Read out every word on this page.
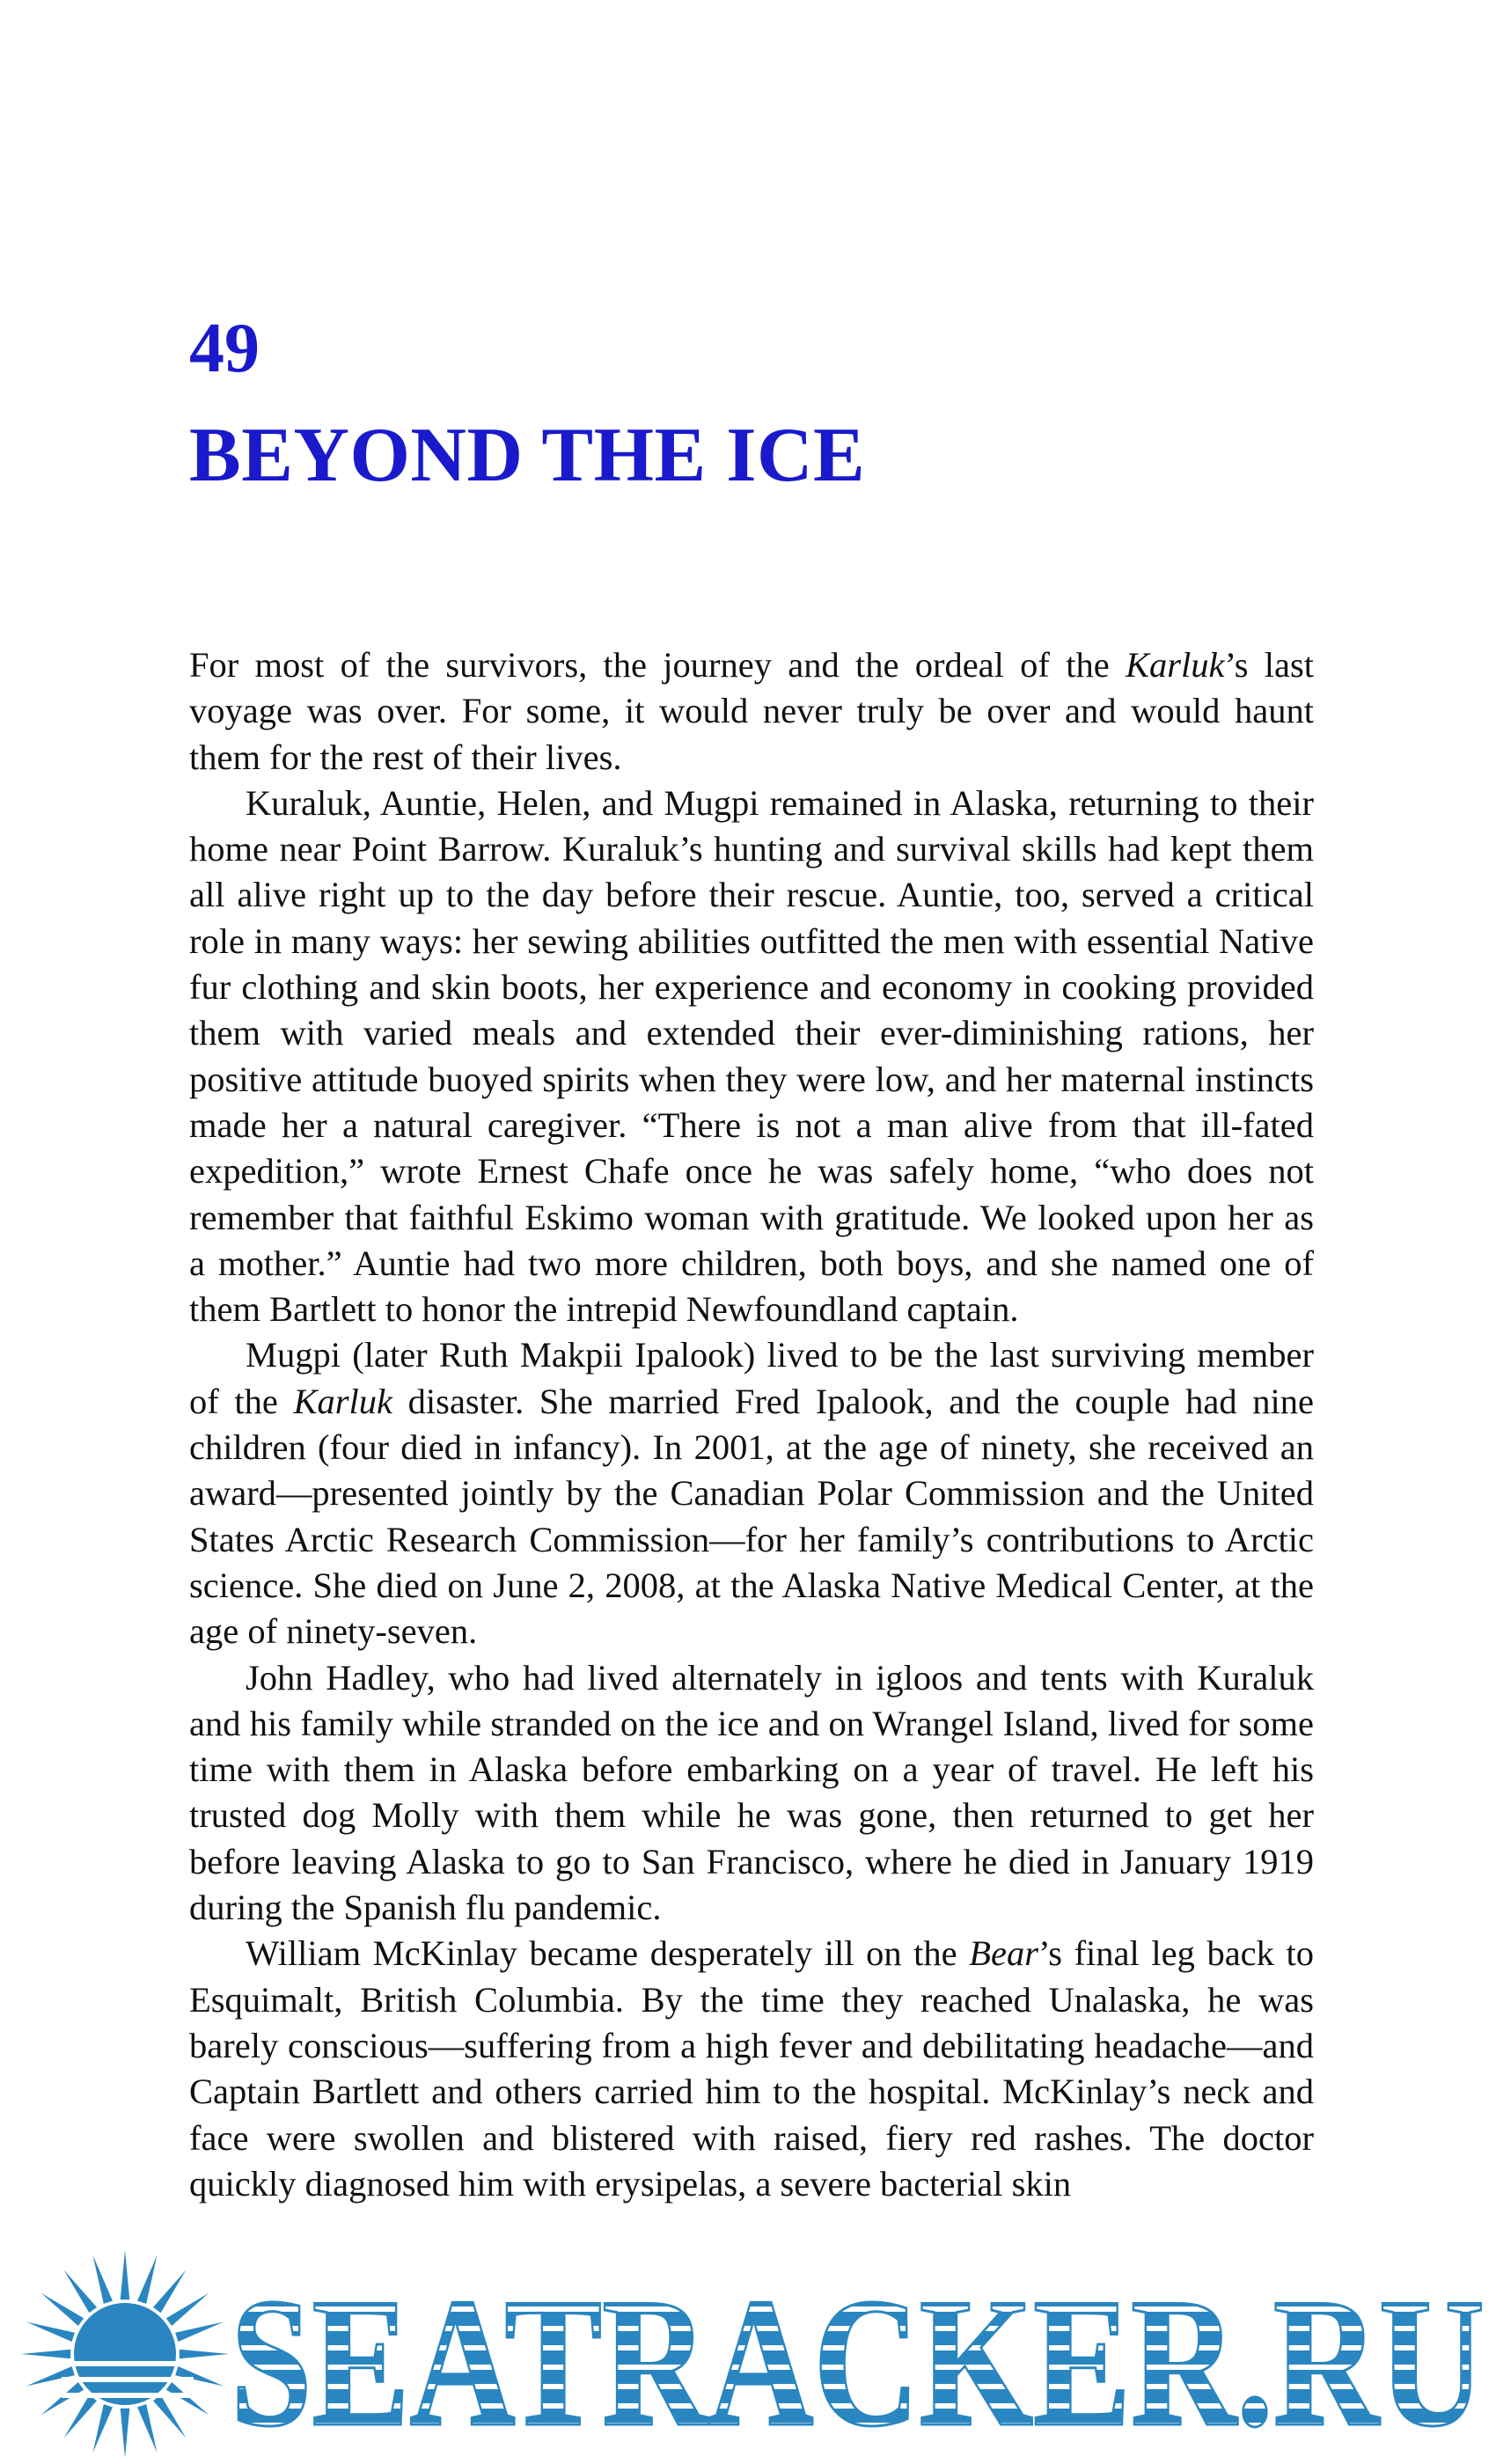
49
BEYOND THE ICE

For most of the survivors, the journey and the ordeal of the Karluk’s last voyage was over. For some, it would never truly be over and would haunt them for the rest of their lives.

Kuraluk, Auntie, Helen, and Mugpi remained in Alaska, returning to their home near Point Barrow. Kuraluk’s hunting and survival skills had kept them all alive right up to the day before their rescue. Auntie, too, served a critical role in many ways: her sewing abilities outfitted the men with essential Native fur clothing and skin boots, her experience and economy in cooking provided them with varied meals and extended their ever-diminishing rations, her positive attitude buoyed spirits when they were low, and her maternal instincts made her a natural caregiver. “There is not a man alive from that ill-fated expedition,” wrote Ernest Chafe once he was safely home, “who does not remember that faithful Eskimo woman with gratitude. We looked upon her as a mother.” Auntie had two more children, both boys, and she named one of them Bartlett to honor the intrepid Newfoundland captain.

Mugpi (later Ruth Makpii Ipalook) lived to be the last surviving member of the Karluk disaster. She married Fred Ipalook, and the couple had nine children (four died in infancy). In 2001, at the age of ninety, she received an award—presented jointly by the Canadian Polar Commission and the United States Arctic Research Commission—for her family’s contributions to Arctic science. She died on June 2, 2008, at the Alaska Native Medical Center, at the age of ninety-seven.

John Hadley, who had lived alternately in igloos and tents with Kuraluk and his family while stranded on the ice and on Wrangel Island, lived for some time with them in Alaska before embarking on a year of travel. He left his trusted dog Molly with them while he was gone, then returned to get her before leaving Alaska to go to San Francisco, where he died in January 1919 during the Spanish flu pandemic.

William McKinlay became desperately ill on the Bear’s final leg back to Esquimalt, British Columbia. By the time they reached Unalaska, he was barely conscious—suffering from a high fever and debilitating headache—and Captain Bartlett and others carried him to the hospital. McKinlay’s neck and face were swollen and blistered with raised, fiery red rashes. The doctor quickly diagnosed him with erysipelas, a severe bacterial skin

SEATRACKER.RU
